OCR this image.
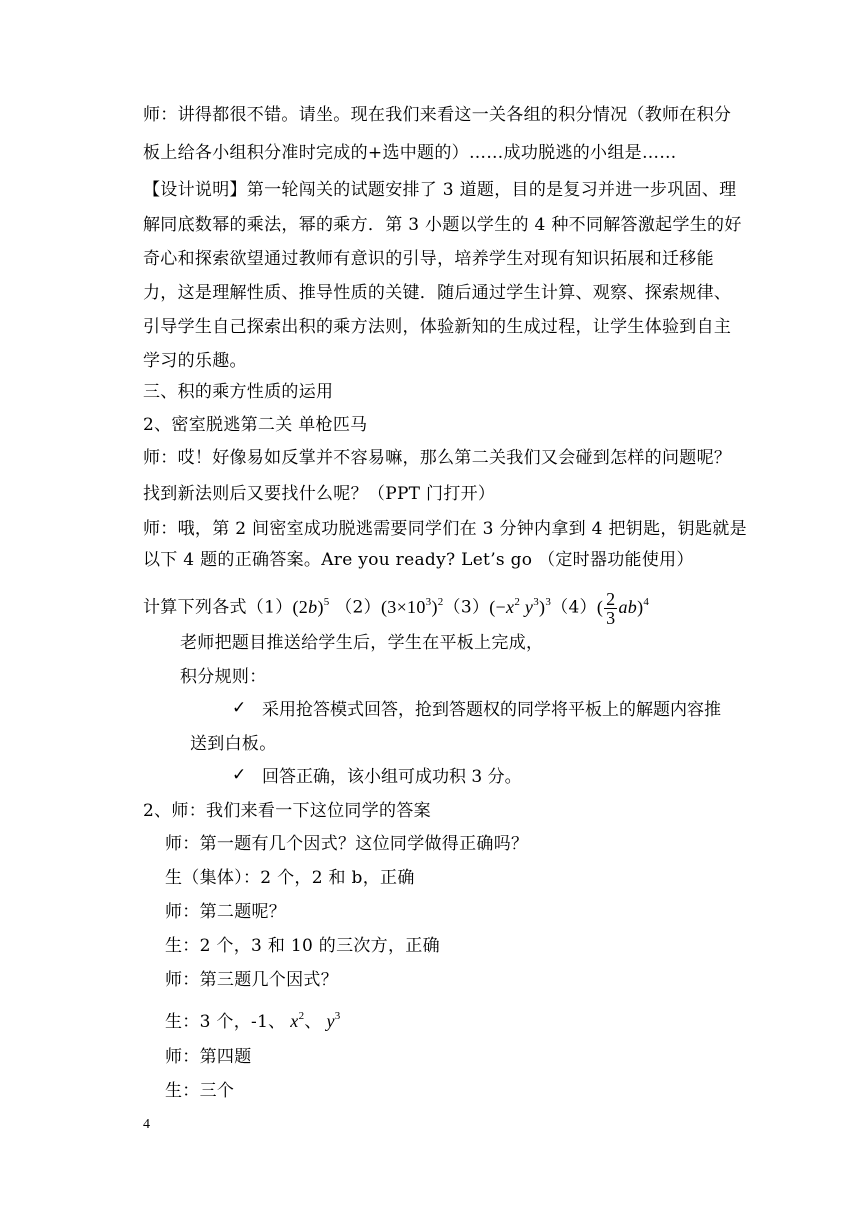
师：讲得都很不错。请坐。现在我们来看这一关各组的积分情况（教师在积分
板上给各小组积分准时完成的+选中题的）……成功脱逃的小组是……
【设计说明】第一轮闯关的试题安排了 3 道题，目的是复习并进一步巩固、理
解同底数幂的乘法，幂的乘方．第 3 小题以学生的 4 种不同解答激起学生的好
奇心和探索欲望通过教师有意识的引导，培养学生对现有知识拓展和迁移能
力，这是理解性质、推导性质的关键．随后通过学生计算、观察、探索规律、
引导学生自己探索出积的乘方法则，体验新知的生成过程，让学生体验到自主
学习的乐趣。
三、积的乘方性质的运用
2、密室脱逃第二关 单枪匹马
师：哎！好像易如反掌并不容易嘛，那么第二关我们又会碰到怎样的问题呢？
找到新法则后又要找什么呢？（PPT 门打开）
师：哦，第 2 间密室成功脱逃需要同学们在 3 分钟内拿到 4 把钥匙，钥匙就是
以下 4 题的正确答案。Are you ready? Let’s go （定时器功能使用）
计算下列各式$(1)(2b)^5$ $(2)(3\times 10^3)^2(3)(-x^2$ $y^3)^3(4)( \frac{2}{3} ab)^4$
老师把题目推送给学生后，学生在平板上完成，
积分规则：
✓ 采用抢答模式回答，抢到答题权的同学将平板上的解题内容推
送到白板。
✓ 回答正确，该小组可成功积 3 分。
2、师：我们来看一下这位同学的答案
师：第一题有几个因式？这位同学做得正确吗？
生（集体）：2 个，2 和 b，正确
师：第二题呢？
生：2 个，3 和 10 的三次方，正确
师：第三题几个因式？
生：3 个，-1、 $x^2$、 $y^3$
师：第四题
生：三个
4
